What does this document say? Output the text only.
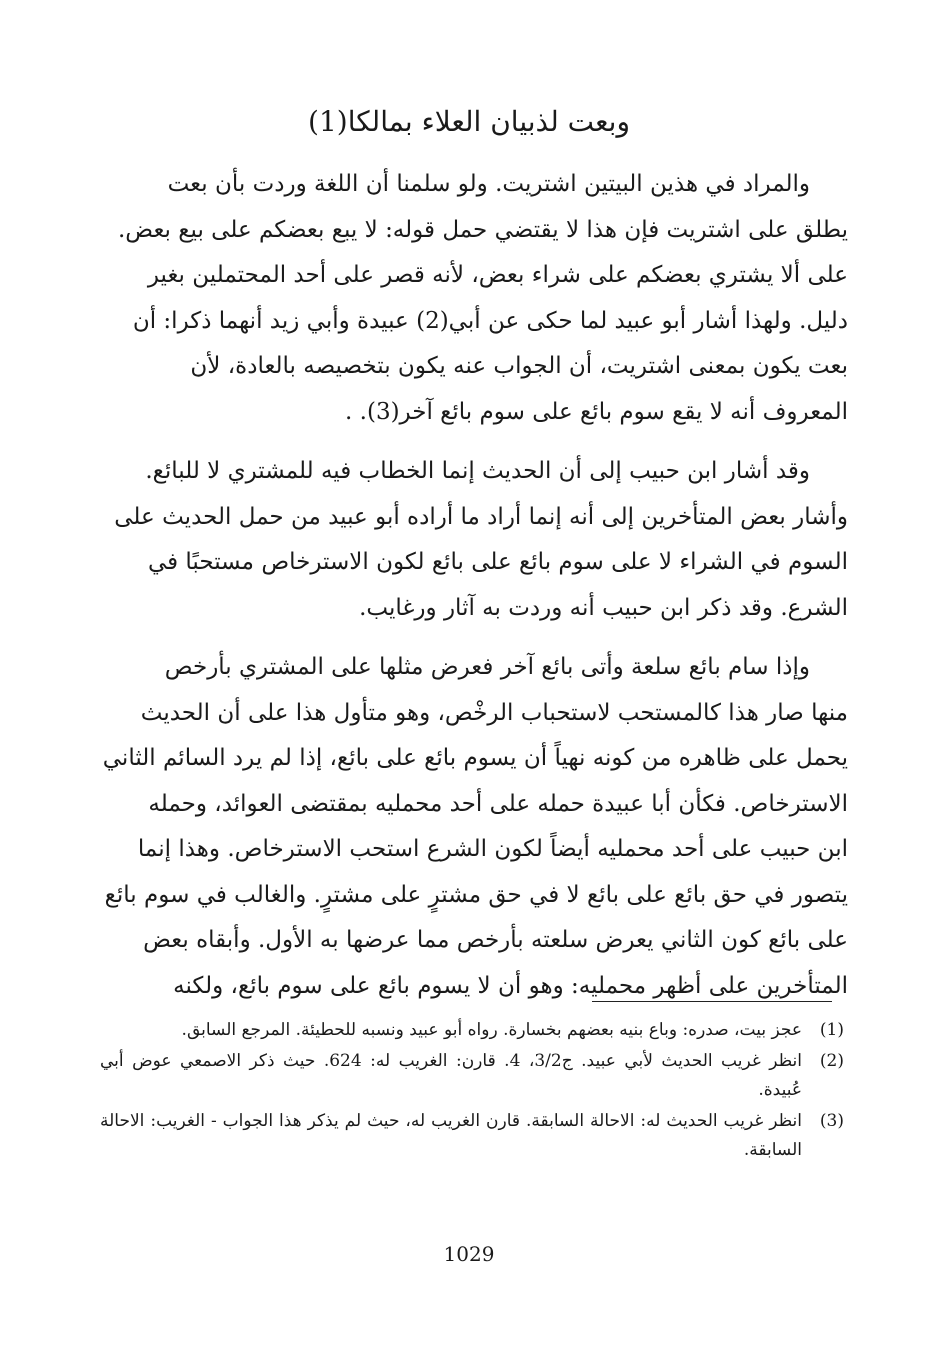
وبعت لذبيان العلاء بمالكا(1)

والمراد في هذين البيتين اشتريت. ولو سلمنا أن اللغة وردت بأن بعت

يطلق على اشتريت فإن هذا لا يقتضي حمل قوله: لا يبع بعضكم على بيع بعض.

على ألا يشتري بعضكم على شراء بعض، لأنه قصر على أحد المحتملين بغير

دليل. ولهذا أشار أبو عبيد لما حكى عن أبي(2) عبيدة وأبي زيد أنهما ذكرا: أن

بعت يكون بمعنى اشتريت، أن الجواب عنه يكون بتخصيصه بالعادة، لأن

المعروف أنه لا يقع سوم بائع على سوم بائع آخر(3). .

وقد أشار ابن حبيب إلى أن الحديث إنما الخطاب فيه للمشتري لا للبائع.

وأشار بعض المتأخرين إلى أنه إنما أراد ما أراده أبو عبيد من حمل الحديث على

السوم في الشراء لا على سوم بائع على بائع لكون الاسترخاص مستحبًا في

الشرع. وقد ذكر ابن حبيب أنه وردت به آثار ورغايب.

وإذا سام بائع سلعة وأتى بائع آخر فعرض مثلها على المشتري بأرخص

منها صار هذا كالمستحب لاستحباب الرخْص، وهو متأول هذا على أن الحديث

يحمل على ظاهره من كونه نهياً أن يسوم بائع على بائع، إذا لم يرد السائم الثاني

الاسترخاص. فكأن أبا عبيدة حمله على أحد محمليه بمقتضى العوائد، وحمله

ابن حبيب على أحد محمليه أيضاً لكون الشرع استحب الاسترخاص. وهذا إنما

يتصور في حق بائع على بائع لا في حق مشترٍ على مشترٍ. والغالب في سوم بائع

على بائع كون الثاني يعرض سلعته بأرخص مما عرضها به الأول. وأبقاه بعض

المتأخرين على أظهر محمليه: وهو أن لا يسوم بائع على سوم بائع، ولكنه

(1)
عجز بيت، صدره: وباع بنيه بعضهم بخسارة. رواه أبو عبيد ونسبه للحطيئة. المرجع السابق.
(2)
انظر غريب الحديث لأبي عبيد. ج3/2، 4. قارن: الغريب له: 624. حيث ذكر الاصمعي عوض أبي عُبيدة.
(3)
انظر غريب الحديث له: الاحالة السابقة. قارن الغريب له، حيث لم يذكر هذا الجواب - الغريب: الاحالة السابقة.
1029
